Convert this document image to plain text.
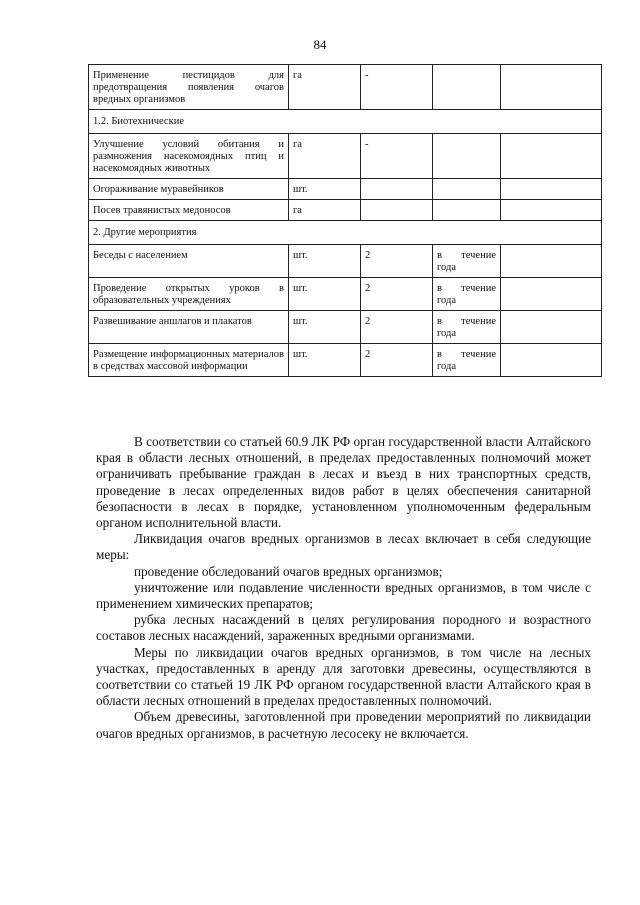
84
Применение пестицидов для предотвращения появления очагов вредных организмов	га	-		
1.2. Биотехнические				
Улучшение условий обитания и размножения насекомоядных птиц и насекомоядных животных	га	-		
Огораживание муравейников	шт.			
Посев травянистых медоносов	га			
2. Другие мероприятия				
Беседы с населением	шт.	2	в течение года	
Проведение открытых уроков в образовательных учреждениях	шт.	2	в течение года	
Развешивание аншлагов и плакатов	шт.	2	в течение года	
Размещение информационных материалов в средствах массовой информации	шт.	2	в течение года	

В соответствии со статьей 60.9 ЛК РФ орган государственной власти Алтайского края в области лесных отношений, в пределах предоставленных полномочий может ограничивать пребывание граждан в лесах и въезд в них транспортных средств, проведение в лесах определенных видов работ в целях обеспечения санитарной безопасности в лесах в порядке, установленном уполномоченным федеральным органом исполнительной власти.

Ликвидация очагов вредных организмов в лесах включает в себя следующие меры:

проведение обследований очагов вредных организмов;

уничтожение или подавление численности вредных организмов, в том числе с применением химических препаратов;

рубка лесных насаждений в целях регулирования породного и возрастного составов лесных насаждений, зараженных вредными организмами.

Меры по ликвидации очагов вредных организмов, в том числе на лесных участках, предоставленных в аренду для заготовки древесины, осуществляются в соответствии со статьей 19 ЛК РФ органом государственной власти Алтайского края в области лесных отношений в пределах предоставленных полномочий.

Объем древесины, заготовленной при проведении мероприятий по ликвидации очагов вредных организмов, в расчетную лесосеку не включается.
